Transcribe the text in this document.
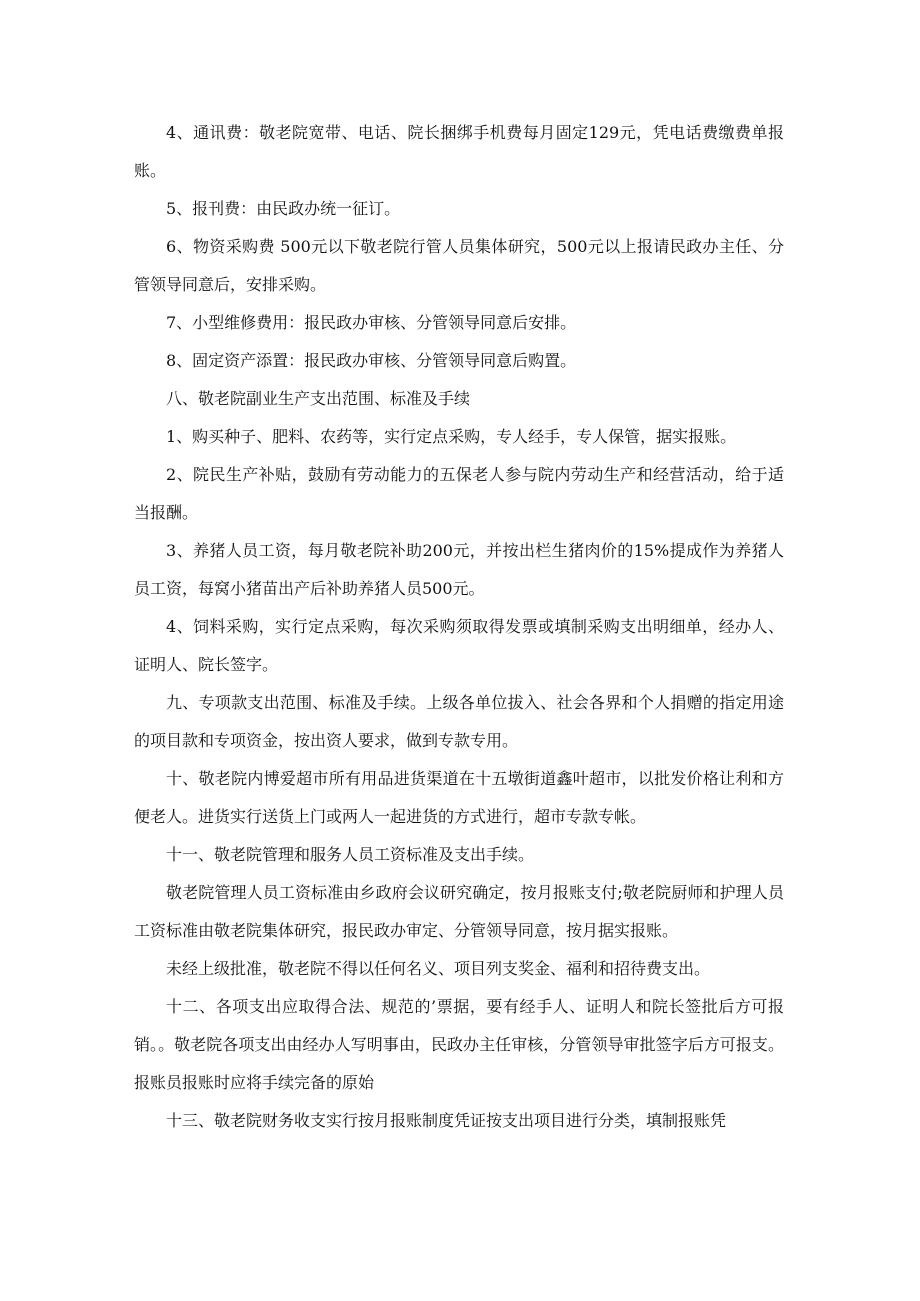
4、通讯费：敬老院宽带、电话、院长捆绑手机费每月固定129元，凭电话费缴费单报账。

5、报刊费：由民政办统一征订。

6、物资采购费 500元以下敬老院行管人员集体研究，500元以上报请民政办主任、分管领导同意后，安排采购。

7、小型维修费用：报民政办审核、分管领导同意后安排。

8、固定资产添置：报民政办审核、分管领导同意后购置。

八、敬老院副业生产支出范围、标准及手续

1、购买种子、肥料、农药等，实行定点采购，专人经手，专人保管，据实报账。

2、院民生产补贴，鼓励有劳动能力的五保老人参与院内劳动生产和经营活动，给于适当报酬。

3、养猪人员工资，每月敬老院补助200元，并按出栏生猪肉价的15%提成作为养猪人员工资，每窝小猪苗出产后补助养猪人员500元。

4、饲料采购，实行定点采购，每次采购须取得发票或填制采购支出明细单，经办人、证明人、院长签字。

九、专项款支出范围、标准及手续。上级各单位拔入、社会各界和个人捐赠的指定用途的项目款和专项资金，按出资人要求，做到专款专用。

十、敬老院内博爱超市所有用品进货渠道在十五墩街道鑫叶超市，以批发价格让利和方便老人。进货实行送货上门或两人一起进货的方式进行，超市专款专帐。

十一、敬老院管理和服务人员工资标准及支出手续。

敬老院管理人员工资标准由乡政府会议研究确定，按月报账支付;敬老院厨师和护理人员工资标准由敬老院集体研究，报民政办审定、分管领导同意，按月据实报账。

未经上级批准，敬老院不得以任何名义、项目列支奖金、福利和招待费支出。

十二、各项支出应取得合法、规范的’票据，要有经手人、证明人和院长签批后方可报销。。敬老院各项支出由经办人写明事由，民政办主任审核，分管领导审批签字后方可报支。报账员报账时应将手续完备的原始

十三、敬老院财务收支实行按月报账制度凭证按支出项目进行分类，填制报账凭
